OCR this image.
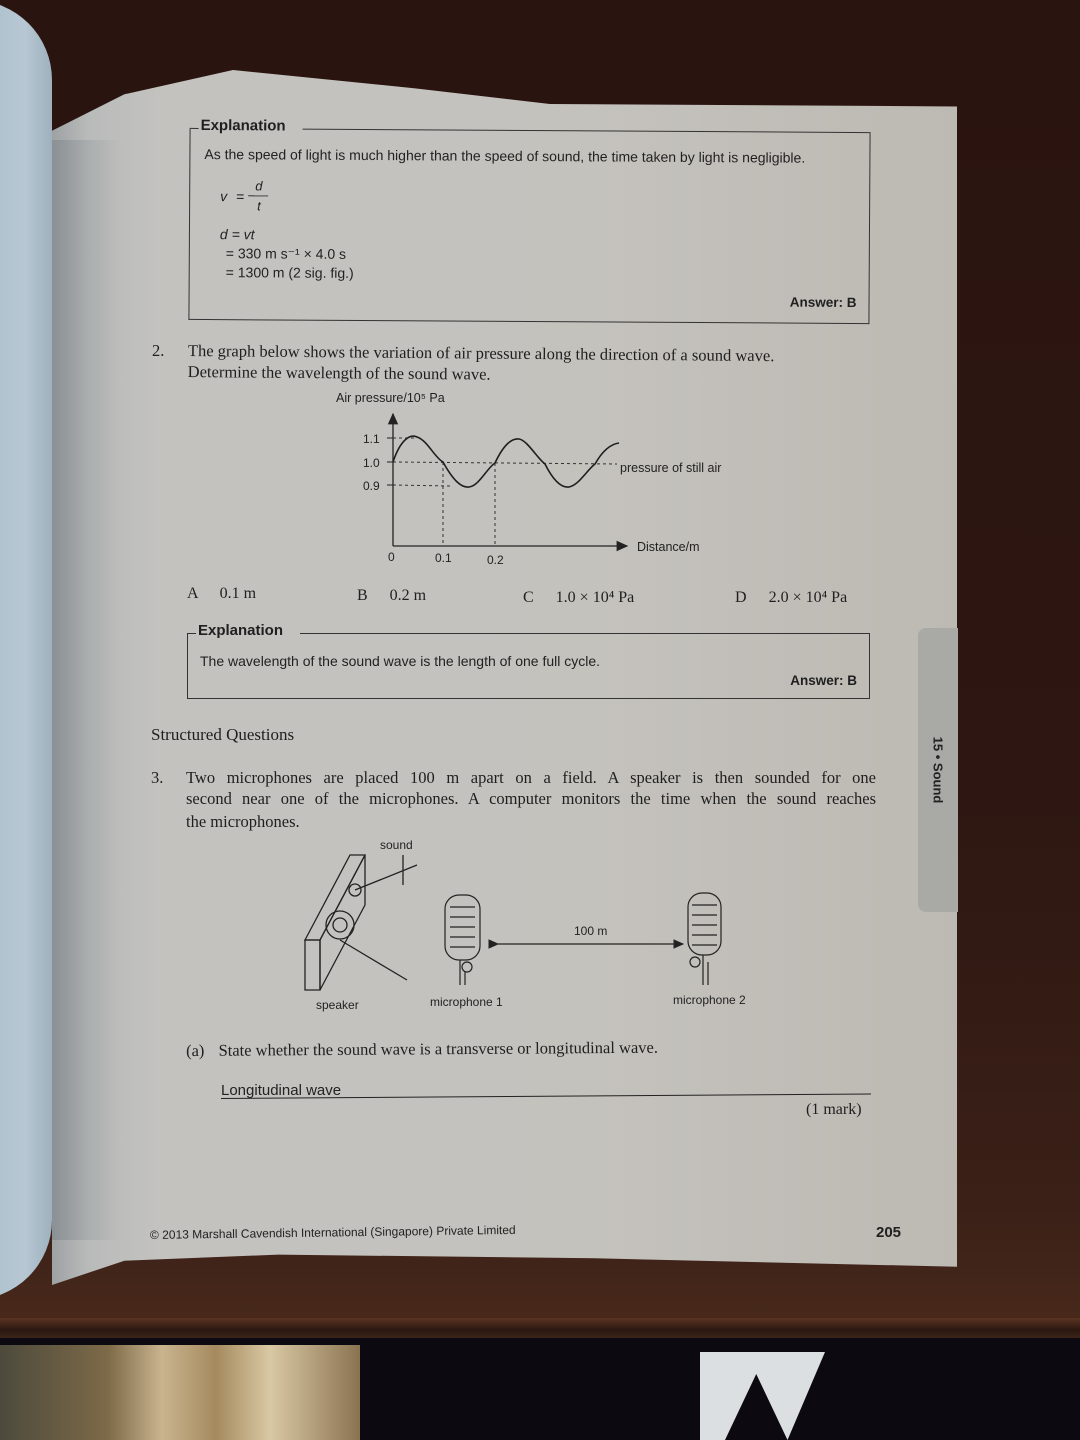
15 • Sound
Explanation
As the speed of light is much higher than the speed of sound, the time taken by light is negligible.
v =
d
t
d = vt
= 330 m s⁻¹ × 4.0 s
= 1300 m (2 sig. fig.)
Answer: B
2. The graph below shows the variation of air pressure along the direction of a sound wave.
Determine the wavelength of the sound wave.
Air pressure/10⁵ Pa
1.1
1.0
0.9
0	0.1	0.2
pressure of still air
Distance/m
A 0.1 m	B 0.2 m	C 1.0 × 10⁴ Pa	D 2.0 × 10⁴ Pa
Explanation
The wavelength of the sound wave is the length of one full cycle.
Answer: B
Structured Questions
3. Two microphones are placed 100 m apart on a field. A speaker is then sounded for one
second near one of the microphones. A computer monitors the time when the sound reaches
the microphones.
sound
speaker	microphone 1	microphone 2
100 m
(a) State whether the sound wave is a transverse or longitudinal wave.
Longitudinal wave
(1 mark)
© 2013 Marshall Cavendish International (Singapore) Private Limited	205
